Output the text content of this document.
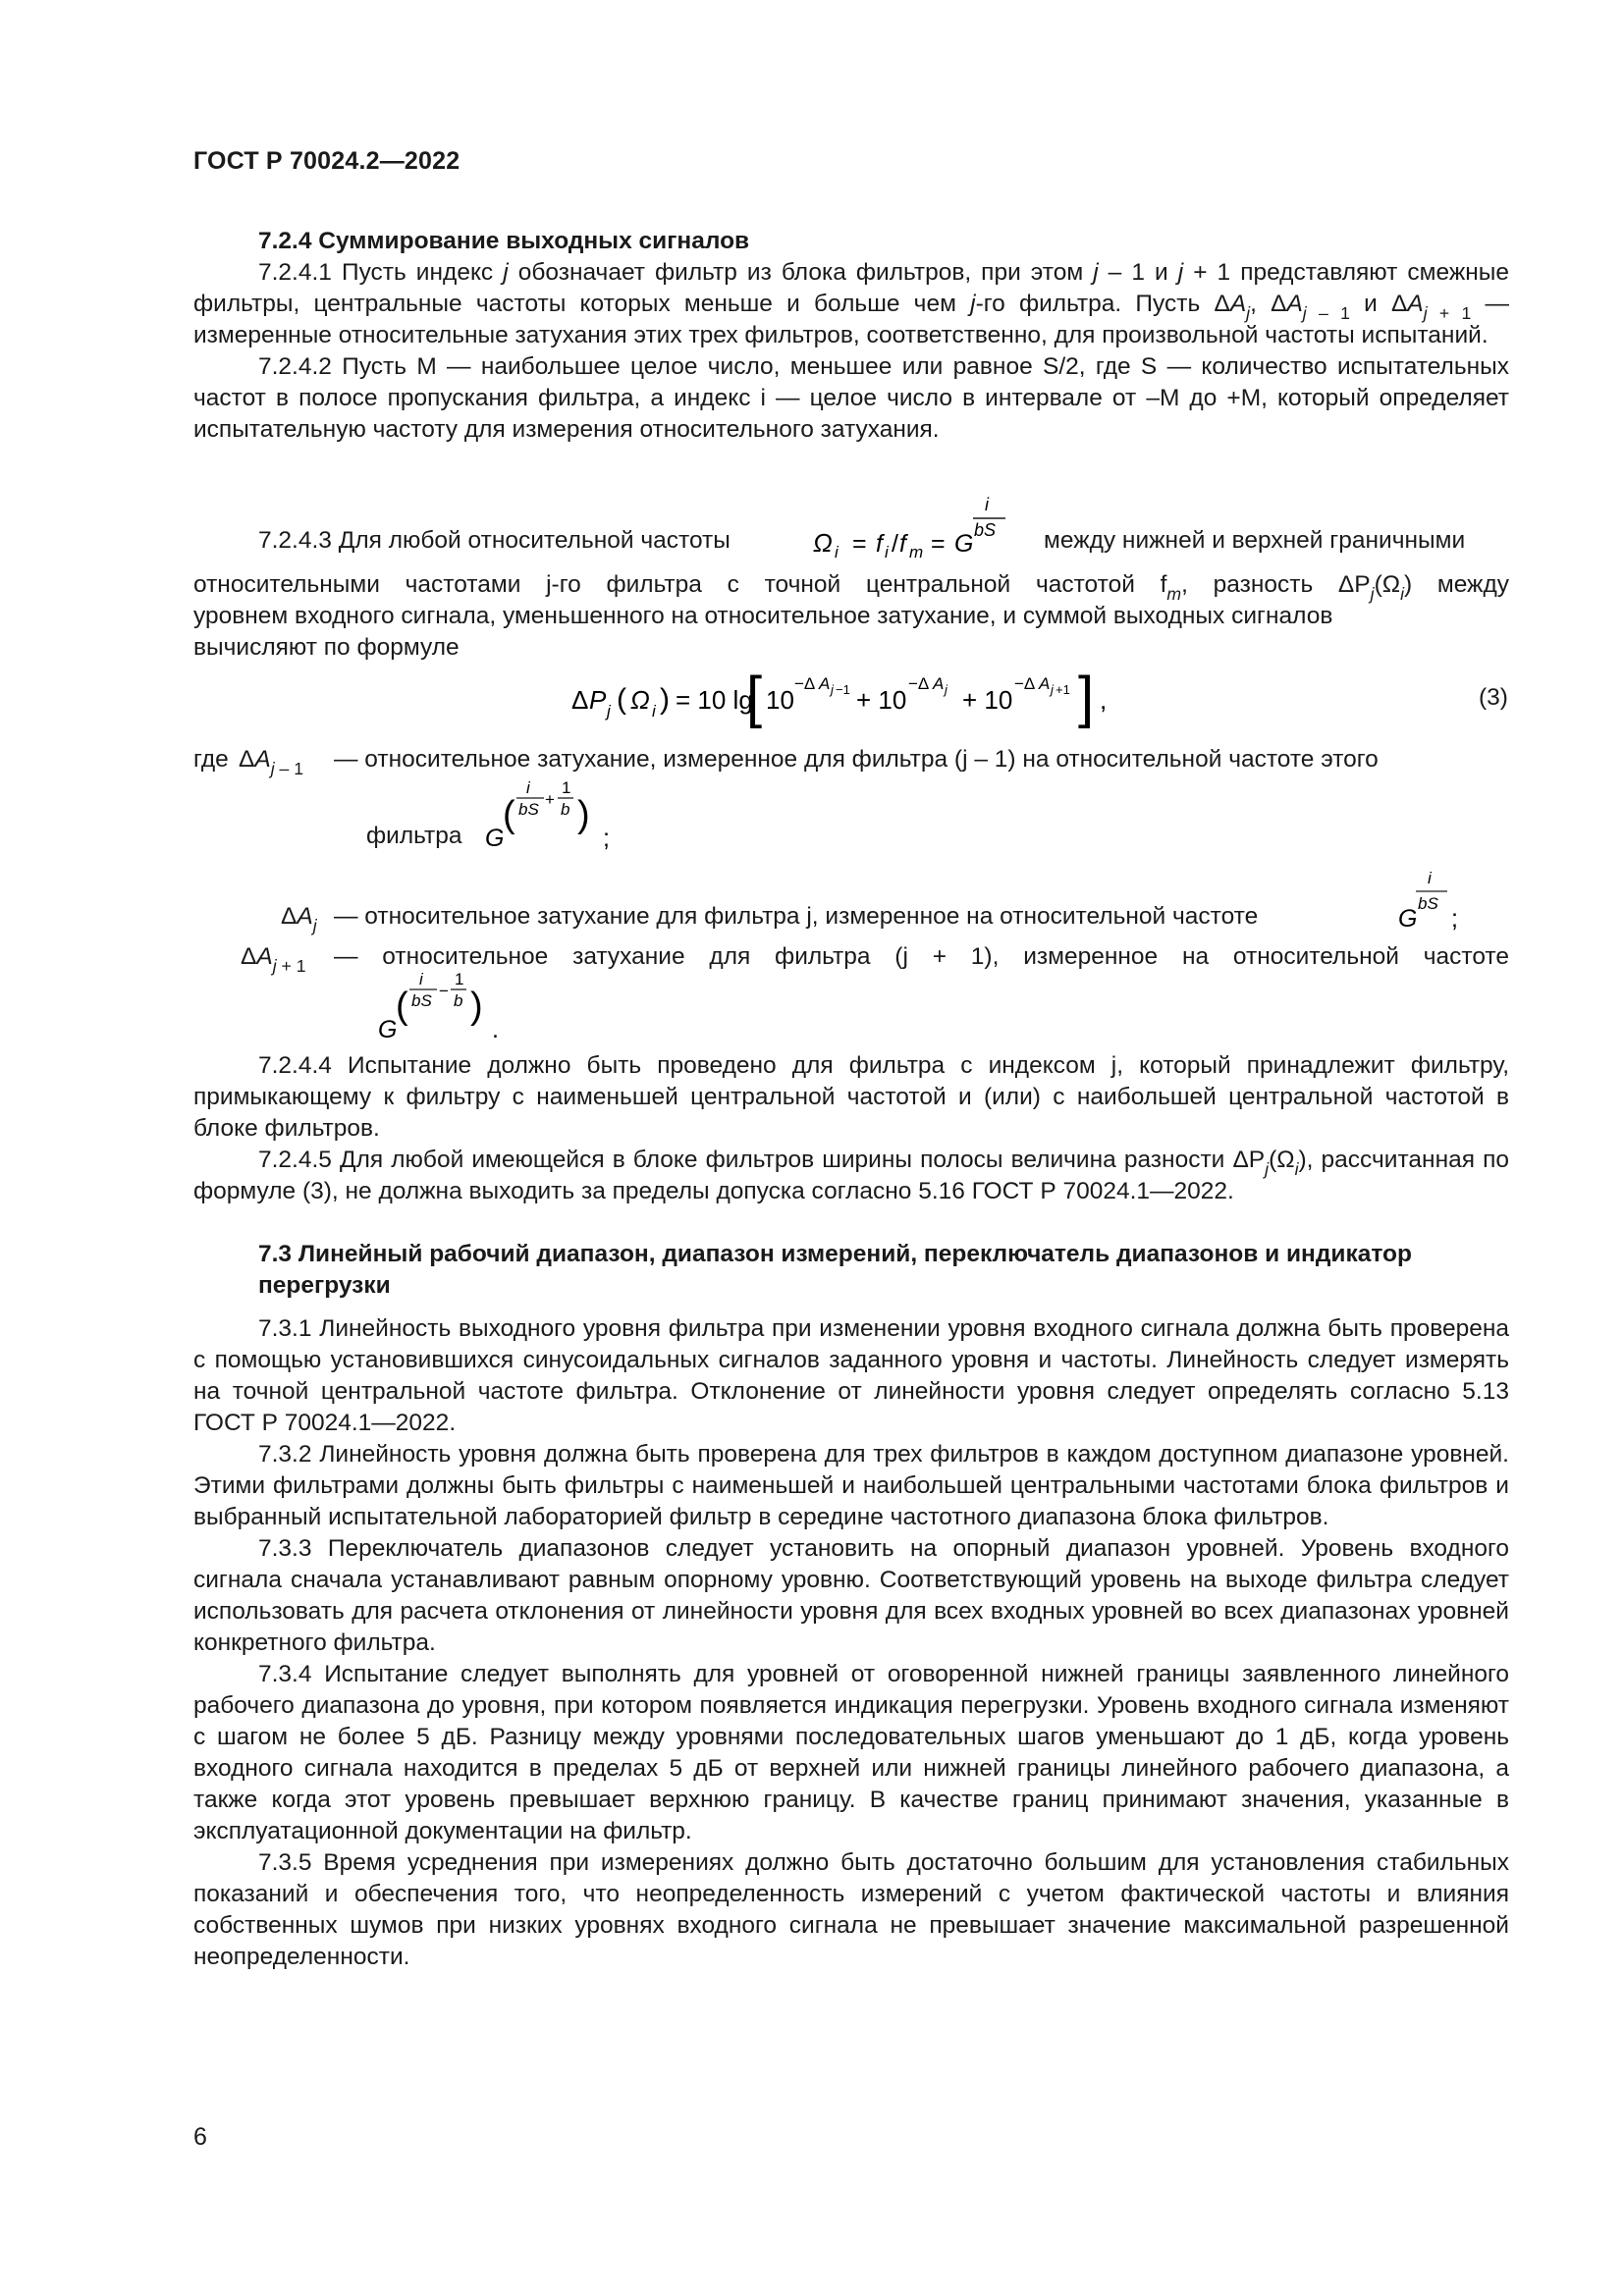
ГОСТ Р 70024.2—2022

7.2.4 Суммирование выходных сигналов

7.2.4.1 Пусть индекс j обозначает фильтр из блока фильтров, при этом j – 1 и j + 1 представляют смежные фильтры, центральные частоты которых меньше и больше чем j-го фильтра. Пусть $\Delta A_j$, $\Delta A_{j - 1}$ и $\Delta A_{j + 1}$ — измеренные относительные затухания этих трех фильтров, соответственно, для произвольной частоты испытаний.

7.2.4.2 Пусть M — наибольшее целое число, меньшее или равное S/2, где S — количество испытательных частот в полосе пропускания фильтра, а индекс i — целое число в интервале от –M до +M, который определяет испытательную частоту для измерения относительного затухания.

7.2.4.3 Для любой относительной частоты	Ω i = f i / f m = G
i
bS между нижней и верхней граничными
относительными частотами j-го фильтра с точной центральной частотой $f_m$, разность $\Delta P_j(\Omega_i)$ между
уровнем входного сигнала, уменьшенного на относительное затухание, и суммой выходных сигналов
вычисляют по формуле
Δ P j ( Ω i ) = 10 lg
[ 10
−Δ A j −1 + 10
−Δ A j + 10
−Δ A j +1 ] ,	(3)
где $\Delta A_{j - 1}$ — относительное затухание, измеренное для фильтра (j – 1) на относительной частоте этого
фильтра G
(
i
bS
+
1
b )
;
$\Delta A_j$ — относительное затухание для фильтра j, измеренное на относительной частоте	G
i
bS
;
$\Delta A_{j + 1}$ — относительное затухание для фильтра (j + 1), измеренное на относительной частоте
G
(
i
bS
−
1
b )
.

7.2.4.4 Испытание должно быть проведено для фильтра с индексом j, который принадлежит фильтру, примыкающему к фильтру с наименьшей центральной частотой и (или) с наибольшей центральной частотой в блоке фильтров.

7.2.4.5 Для любой имеющейся в блоке фильтров ширины полосы величина разности $\Delta P_j(\Omega_i)$, рассчитанная по формуле (3), не должна выходить за пределы допуска согласно 5.16 ГОСТ Р 70024.1—2022.

7.3 Линейный рабочий диапазон, диапазон измерений, переключатель диапазонов и индикатор перегрузки

7.3.1 Линейность выходного уровня фильтра при изменении уровня входного сигнала должна быть проверена с помощью установившихся синусоидальных сигналов заданного уровня и частоты. Линейность следует измерять на точной центральной частоте фильтра. Отклонение от линейности уровня следует определять согласно 5.13 ГОСТ Р 70024.1—2022.

7.3.2 Линейность уровня должна быть проверена для трех фильтров в каждом доступном диапазоне уровней. Этими фильтрами должны быть фильтры с наименьшей и наибольшей центральными частотами блока фильтров и выбранный испытательной лабораторией фильтр в середине частотного диапазона блока фильтров.

7.3.3 Переключатель диапазонов следует установить на опорный диапазон уровней. Уровень входного сигнала сначала устанавливают равным опорному уровню. Соответствующий уровень на выходе фильтра следует использовать для расчета отклонения от линейности уровня для всех входных уровней во всех диапазонах уровней конкретного фильтра.

7.3.4 Испытание следует выполнять для уровней от оговоренной нижней границы заявленного линейного рабочего диапазона до уровня, при котором появляется индикация перегрузки. Уровень входного сигнала изменяют с шагом не более 5 дБ. Разницу между уровнями последовательных шагов уменьшают до 1 дБ, когда уровень входного сигнала находится в пределах 5 дБ от верхней или нижней границы линейного рабочего диапазона, а также когда этот уровень превышает верхнюю границу. В качестве границ принимают значения, указанные в эксплуатационной документации на фильтр.

7.3.5 Время усреднения при измерениях должно быть достаточно большим для установления стабильных показаний и обеспечения того, что неопределенность измерений с учетом фактической частоты и влияния собственных шумов при низких уровнях входного сигнала не превышает значение максимальной разрешенной неопределенности.

6
